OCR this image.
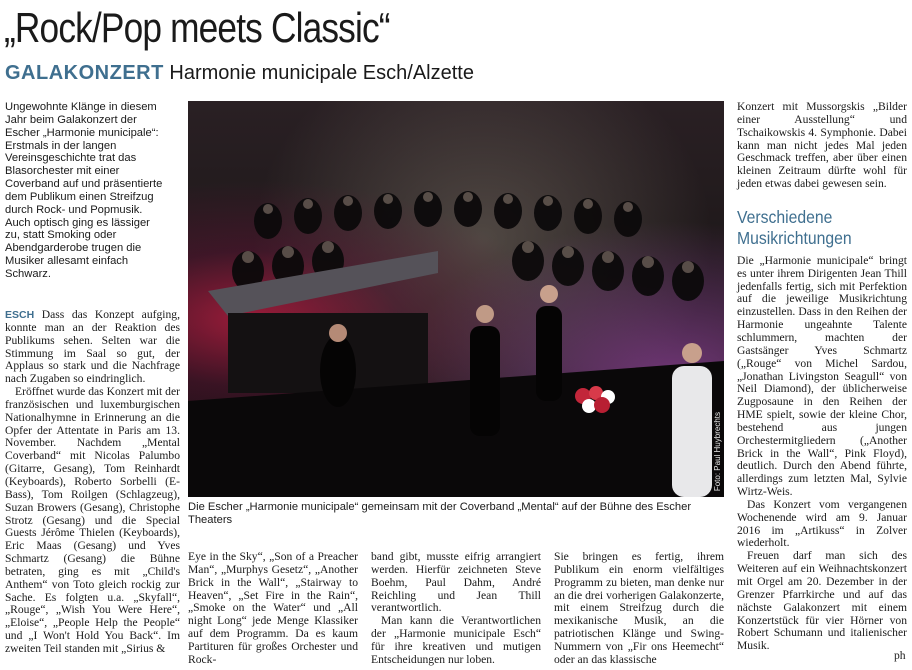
„Rock/Pop meets Classic“
GALAKONZERT Harmonie municipale Esch/Alzette

Ungewohnte Klänge in diesem Jahr beim Galakonzert der Escher „Harmonie municipale“: Erstmals in der langen Vereinsgeschichte trat das Blasorchester mit einer Coverband auf und präsentierte dem Publikum einen Streifzug durch Rock- und Popmusik. Auch optisch ging es lässiger zu, statt Smoking oder Abendgarderobe trugen die Musiker allesamt einfach Schwarz.

ESCH Dass das Konzept aufging, konnte man an der Reaktion des Publikums sehen. Selten war die Stimmung im Saal so gut, der Applaus so stark und die Nachfrage nach Zugaben so eindringlich.

Eröffnet wurde das Konzert mit der französischen und luxemburgischen Nationalhymne in Erinnerung an die Opfer der Attentate in Paris am 13. November. Nachdem „Mental Coverband“ mit Nicolas Palumbo (Gitarre, Gesang), Tom Reinhardt (Keyboards), Roberto Sorbelli (E-Bass), Tom Roilgen (Schlagzeug), Suzan Browers (Gesang), Christophe Strotz (Gesang) und die Special Guests Jérôme Thielen (Keyboards), Eric Maas (Gesang) und Yves Schmartz (Gesang) die Bühne betraten, ging es mit „Child's Anthem“ von Toto gleich rockig zur Sache. Es folgten u.a. „Skyfall“, „Rouge“, „Wish You Were Here“, „Eloise“, „People Help the People“ und „I Won't Hold You Back“. Im zweiten Teil standen mit „Sirius &

Foto: Paul Huybrechts

Die Escher „Harmonie municipale“ gemeinsam mit der Coverband „Mental“ auf der Bühne des Escher Theaters

Eye in the Sky“, „Son of a Preacher Man“, „Murphys Gesetz“, „Another Brick in the Wall“, „Stairway to Heaven“, „Set Fire in the Rain“, „Smoke on the Water“ und „All night Long“ jede Menge Klassiker auf dem Programm. Da es kaum Partituren für großes Orchester und Rock-

band gibt, musste eifrig arrangiert werden. Hierfür zeichneten Steve Boehm, Paul Dahm, André Reichling und Jean Thill verantwortlich.

Man kann die Verantwortlichen der „Harmonie municipale Esch“ für ihre kreativen und mutigen Entscheidungen nur loben.

Sie bringen es fertig, ihrem Publikum ein enorm vielfältiges Programm zu bieten, man denke nur an die drei vorherigen Galakonzerte, mit einem Streifzug durch die mexikanische Musik, an die patriotischen Klänge und Swing-Nummern von „Fir ons Heemecht“ oder an das klassische

Konzert mit Mussorgskis „Bilder einer Ausstellung“ und Tschaikowskis 4. Symphonie. Dabei kann man nicht jedes Mal jeden Geschmack treffen, aber über einen kleinen Zeitraum dürfte wohl für jeden etwas dabei gewesen sein.

Verschiedene Musikrichtungen

Die „Harmonie municipale“ bringt es unter ihrem Dirigenten Jean Thill jedenfalls fertig, sich mit Perfektion auf die jeweilige Musikrichtung einzustellen. Dass in den Reihen der Harmonie ungeahnte Talente schlummern, machten der Gastsänger Yves Schmartz („Rouge“ von Michel Sardou, „Jonathan Livingston Seagull“ von Neil Diamond), der üblicherweise Zugposaune in den Reihen der HME spielt, sowie der kleine Chor, bestehend aus jungen Orchestermitgliedern („Another Brick in the Wall“, Pink Floyd), deutlich. Durch den Abend führte, allerdings zum letzten Mal, Sylvie Wirtz-Weis.

Das Konzert vom vergangenen Wochenende wird am 9. Januar 2016 im „Artikuss“ in Zolver wiederholt.

Freuen darf man sich des Weiteren auf ein Weihnachtskonzert mit Orgel am 20. Dezember in der Grenzer Pfarrkirche und auf das nächste Galakonzert mit einem Konzertstück für vier Hörner von Robert Schumann und italienischer Musik.

ph
